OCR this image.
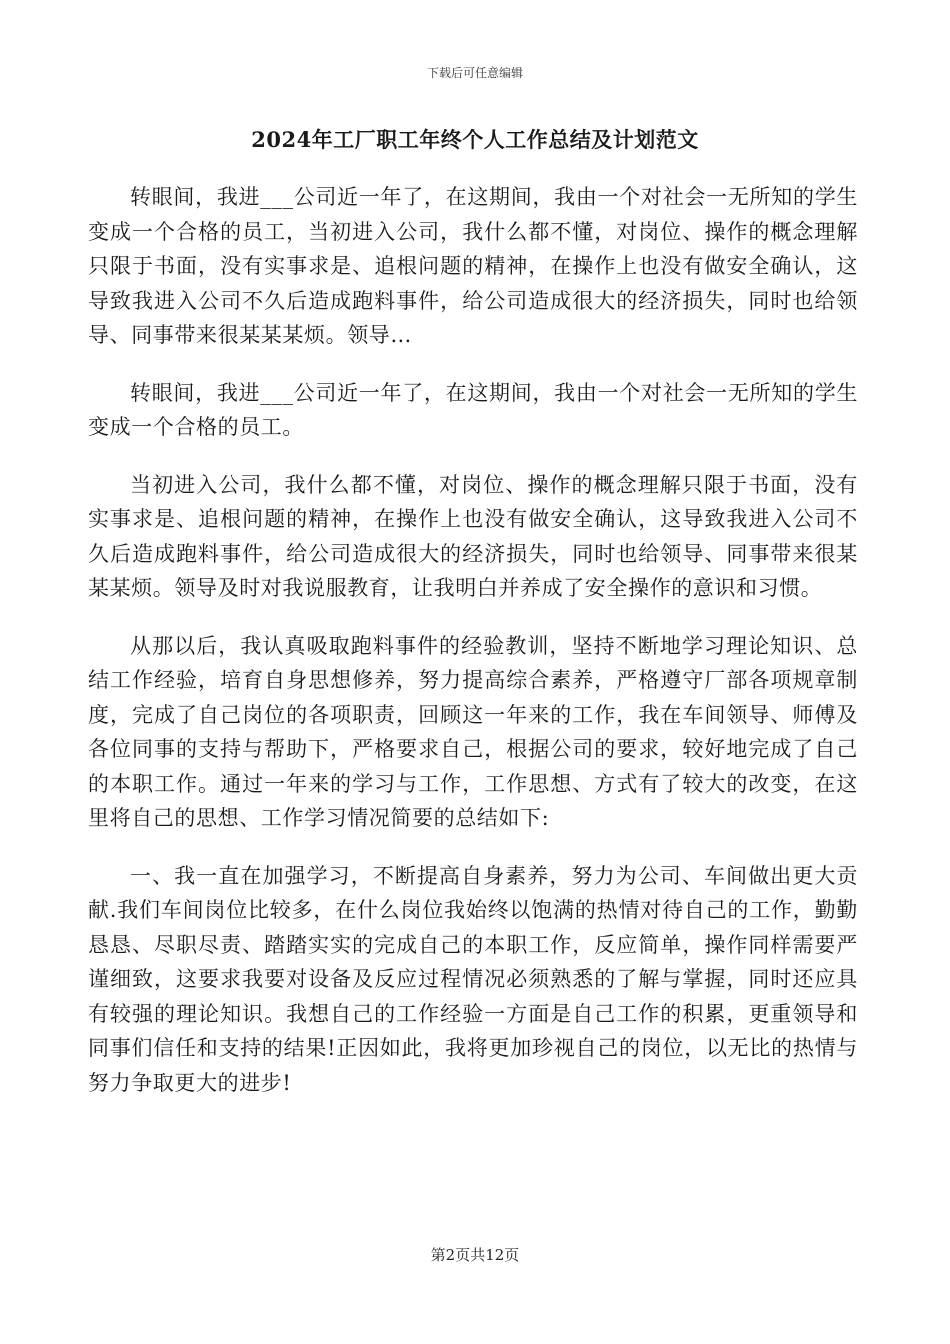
下载后可任意编辑
2024年工厂职工年终个人工作总结及计划范文

转眼间，我进___公司近一年了，在这期间，我由一个对社会一无所知的学生变成一个合格的员工，当初进入公司，我什么都不懂，对岗位、操作的概念理解只限于书面，没有实事求是、追根问题的精神，在操作上也没有做安全确认，这导致我进入公司不久后造成跑料事件，给公司造成很大的经济损失，同时也给领导、同事带来很某某某烦。领导…

转眼间，我进___公司近一年了，在这期间，我由一个对社会一无所知的学生变成一个合格的员工。

当初进入公司，我什么都不懂，对岗位、操作的概念理解只限于书面，没有实事求是、追根问题的精神，在操作上也没有做安全确认，这导致我进入公司不久后造成跑料事件，给公司造成很大的经济损失，同时也给领导、同事带来很某某某烦。领导及时对我说服教育，让我明白并养成了安全操作的意识和习惯。

从那以后，我认真吸取跑料事件的经验教训，坚持不断地学习理论知识、总结工作经验，培育自身思想修养，努力提高综合素养，严格遵守厂部各项规章制度，完成了自己岗位的各项职责，回顾这一年来的工作，我在车间领导、师傅及各位同事的支持与帮助下，严格要求自己，根据公司的要求，较好地完成了自己的本职工作。通过一年来的学习与工作，工作思想、方式有了较大的改变，在这里将自己的思想、工作学习情况简要的总结如下:

一、我一直在加强学习，不断提高自身素养，努力为公司、车间做出更大贡献.我们车间岗位比较多，在什么岗位我始终以饱满的热情对待自己的工作，勤勤恳恳、尽职尽责、踏踏实实的完成自己的本职工作，反应简单，操作同样需要严谨细致，这要求我要对设备及反应过程情况必须熟悉的了解与掌握，同时还应具有较强的理论知识。我想自己的工作经验一方面是自己工作的积累，更重领导和同事们信任和支持的结果!正因如此，我将更加珍视自己的岗位，以无比的热情与努力争取更大的进步!

第2页共12页
